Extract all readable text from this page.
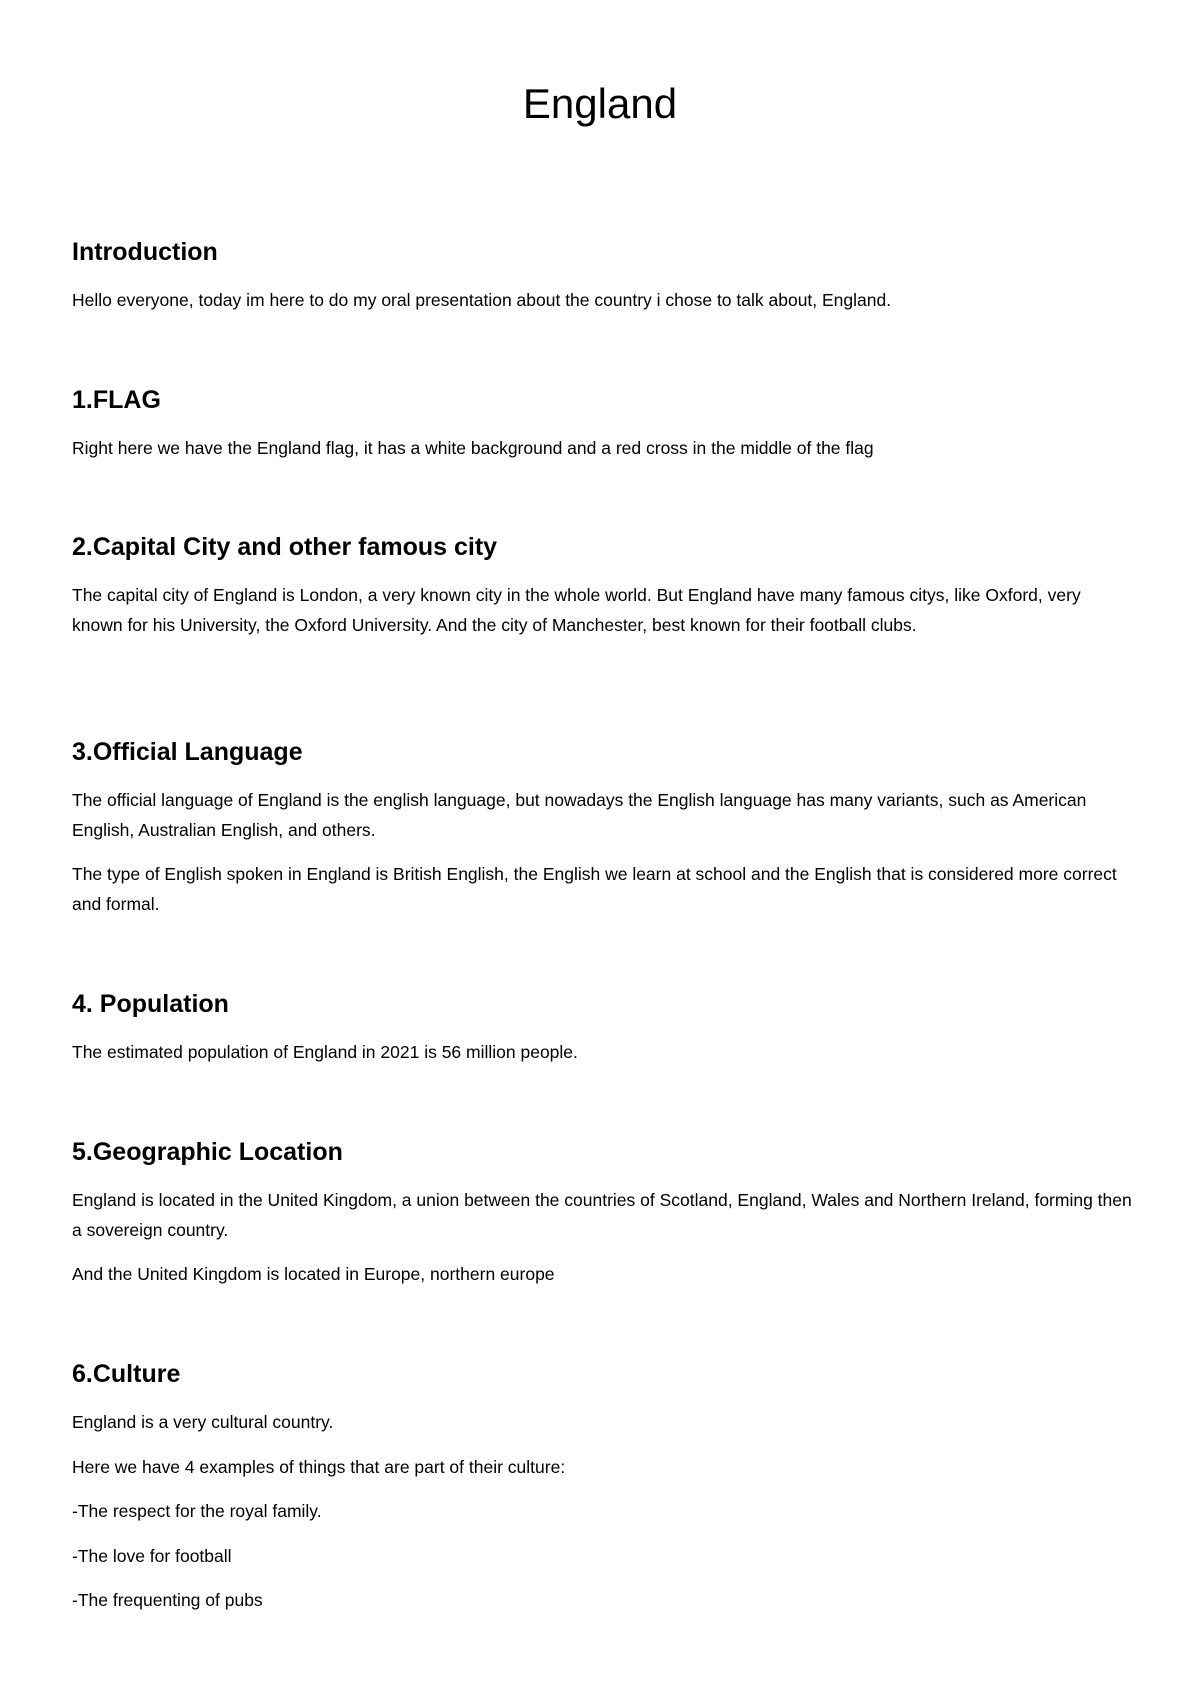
England
Introduction

Hello everyone, today im here to do my oral presentation about the country i chose to talk about, England.

1.FLAG

Right here we have the England flag, it has a white background and a red cross in the middle of the flag

2.Capital City and other famous city

The capital city of England is London, a very known city in the whole world. But England have many famous citys, like Oxford, very known for his University, the Oxford University. And the city of Manchester, best known for their football clubs.

3.Official Language

The official language of England is the english language, but nowadays the English language has many variants, such as American English, Australian English, and others.

The type of English spoken in England is British English, the English we learn at school and the English that is considered more correct and formal.

4. Population

The estimated population of England in 2021 is 56 million people.

5.Geographic Location

England is located in the United Kingdom, a union between the countries of Scotland, England, Wales and Northern Ireland, forming then a sovereign country.

And the United Kingdom is located in Europe, northern europe

6.Culture

England is a very cultural country.

Here we have 4 examples of things that are part of their culture:

-The respect for the royal family.

-The love for football

-The frequenting of pubs
